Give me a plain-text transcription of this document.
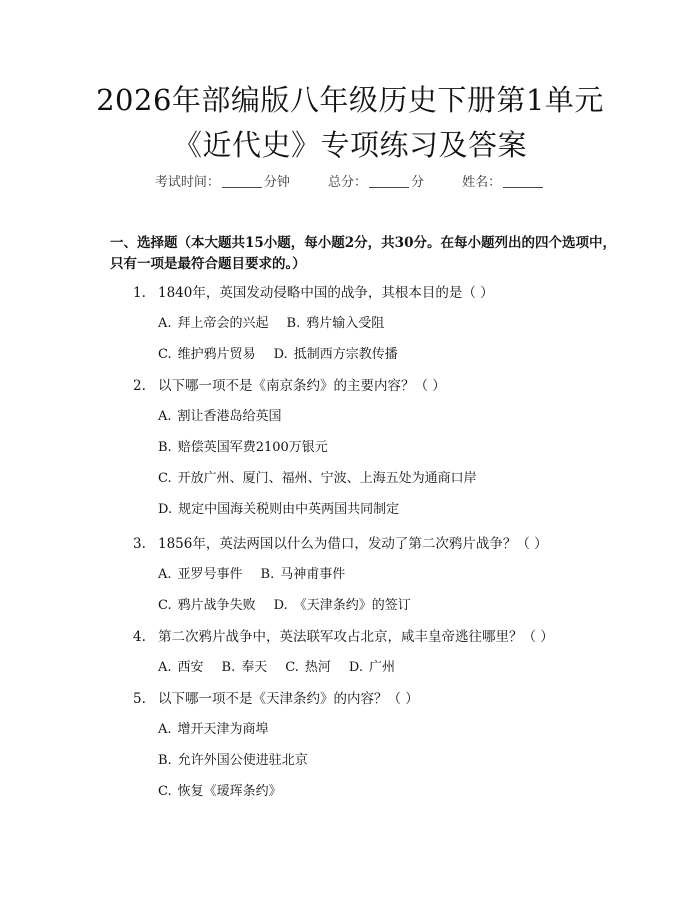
2026年部编版八年级历史下册第1单元《近代史》专项练习及答案
考试时间：	分钟	总分：	分	姓名：
一、选择题（本大题共15小题，每小题2分，共30分。在每小题列出的四个选项中，只有一项是最符合题目要求的。）
1. 1840年，英国发动侵略中国的战争，其根本目的是（ ）
A. 拜上帝会的兴起 B. 鸦片输入受阻
C. 维护鸦片贸易 D. 抵制西方宗教传播
2. 以下哪一项不是《南京条约》的主要内容？（ ）
A. 割让香港岛给英国
B. 赔偿英国军费2100万银元
C. 开放广州、厦门、福州、宁波、上海五处为通商口岸
D. 规定中国海关税则由中英两国共同制定
3. 1856年，英法两国以什么为借口，发动了第二次鸦片战争？（ ）
A. 亚罗号事件 B. 马神甫事件
C. 鸦片战争失败 D. 《天津条约》的签订
4. 第二次鸦片战争中，英法联军攻占北京，咸丰皇帝逃往哪里？（ ）
A. 西安 B. 奉天 C. 热河 D. 广州
5. 以下哪一项不是《天津条约》的内容？（ ）
A. 增开天津为商埠
B. 允许外国公使进驻北京
C. 恢复《瑷珲条约》
